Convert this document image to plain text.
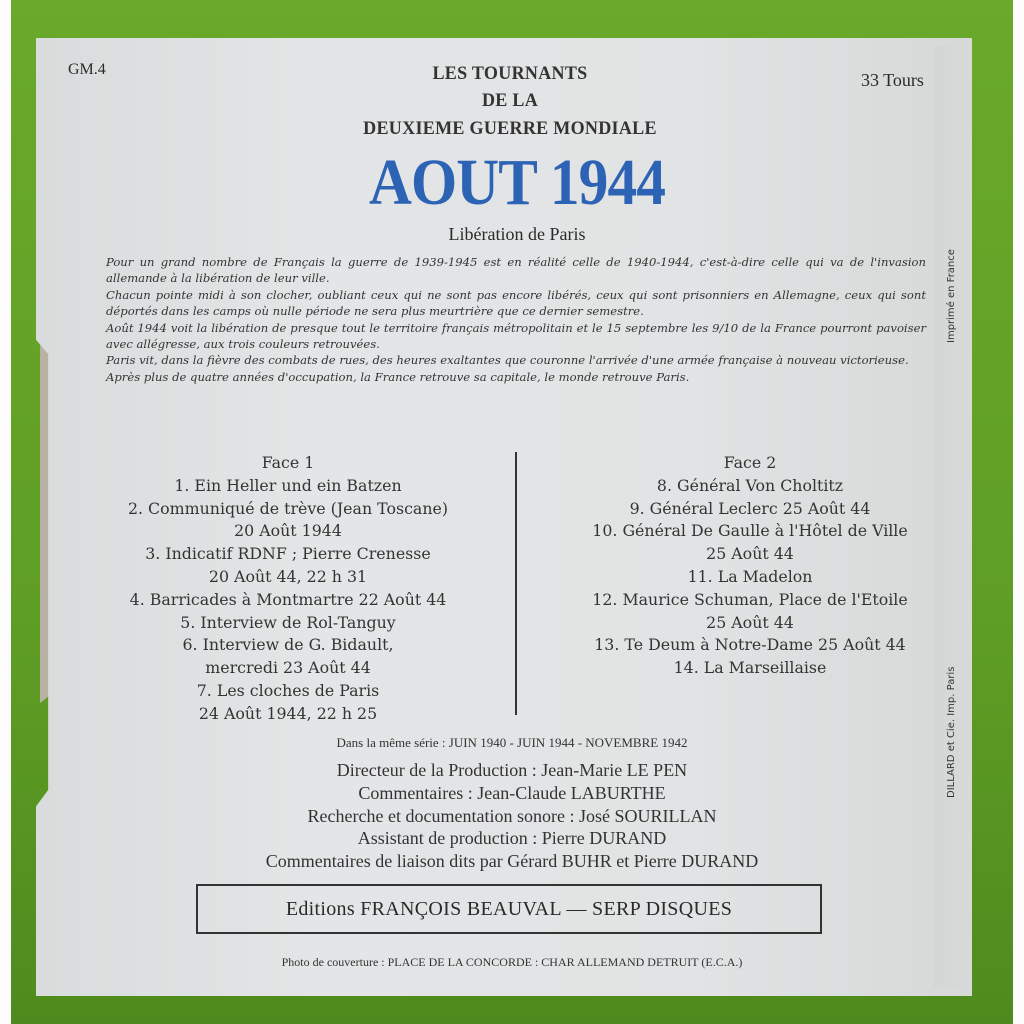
GM.4
33 Tours
LES TOURNANTS
DE LA
DEUXIEME GUERRE MONDIALE
AOUT 1944
Libération de Paris

Pour un grand nombre de Français la guerre de 1939-1945 est en réalité celle de 1940-1944, c'est-à-dire celle qui va de l'invasion allemande à la libération de leur ville.

Chacun pointe midi à son clocher, oubliant ceux qui ne sont pas encore libérés, ceux qui sont prisonniers en Allemagne, ceux qui sont déportés dans les camps où nulle période ne sera plus meurtrière que ce dernier semestre.

Août 1944 voit la libération de presque tout le territoire français métropolitain et le 15 septembre les 9/10 de la France pourront pavoiser avec allégresse, aux trois couleurs retrouvées.

Paris vit, dans la fièvre des combats de rues, des heures exaltantes que couronne l'arrivée d'une armée française à nouveau victorieuse.

Après plus de quatre années d'occupation, la France retrouve sa capitale, le monde retrouve Paris.

Face 1
1. Ein Heller und ein Batzen
2. Communiqué de trève (Jean Toscane)
20 Août 1944
3. Indicatif RDNF ; Pierre Crenesse
20 Août 44, 22 h 31
4. Barricades à Montmartre 22 Août 44
5. Interview de Rol-Tanguy
6. Interview de G. Bidault,
mercredi 23 Août 44
7. Les cloches de Paris
24 Août 1944, 22 h 25
Face 2
8. Général Von Choltitz
9. Général Leclerc 25 Août 44
10. Général De Gaulle à l'Hôtel de Ville
25 Août 44
11. La Madelon
12. Maurice Schuman, Place de l'Etoile
25 Août 44
13. Te Deum à Notre-Dame 25 Août 44
14. La Marseillaise
Dans la même série : JUIN 1940 - JUIN 1944 - NOVEMBRE 1942
Directeur de la Production : Jean-Marie LE PEN
Commentaires : Jean-Claude LABURTHE
Recherche et documentation sonore : José SOURILLAN
Assistant de production : Pierre DURAND
Commentaires de liaison dits par Gérard BUHR et Pierre DURAND
Editions FRANÇOIS BEAUVAL — SERP DISQUES
Photo de couverture : PLACE DE LA CONCORDE : CHAR ALLEMAND DETRUIT (E.C.A.)
Imprimé en France
DILLARD et Cie. Imp. Paris
